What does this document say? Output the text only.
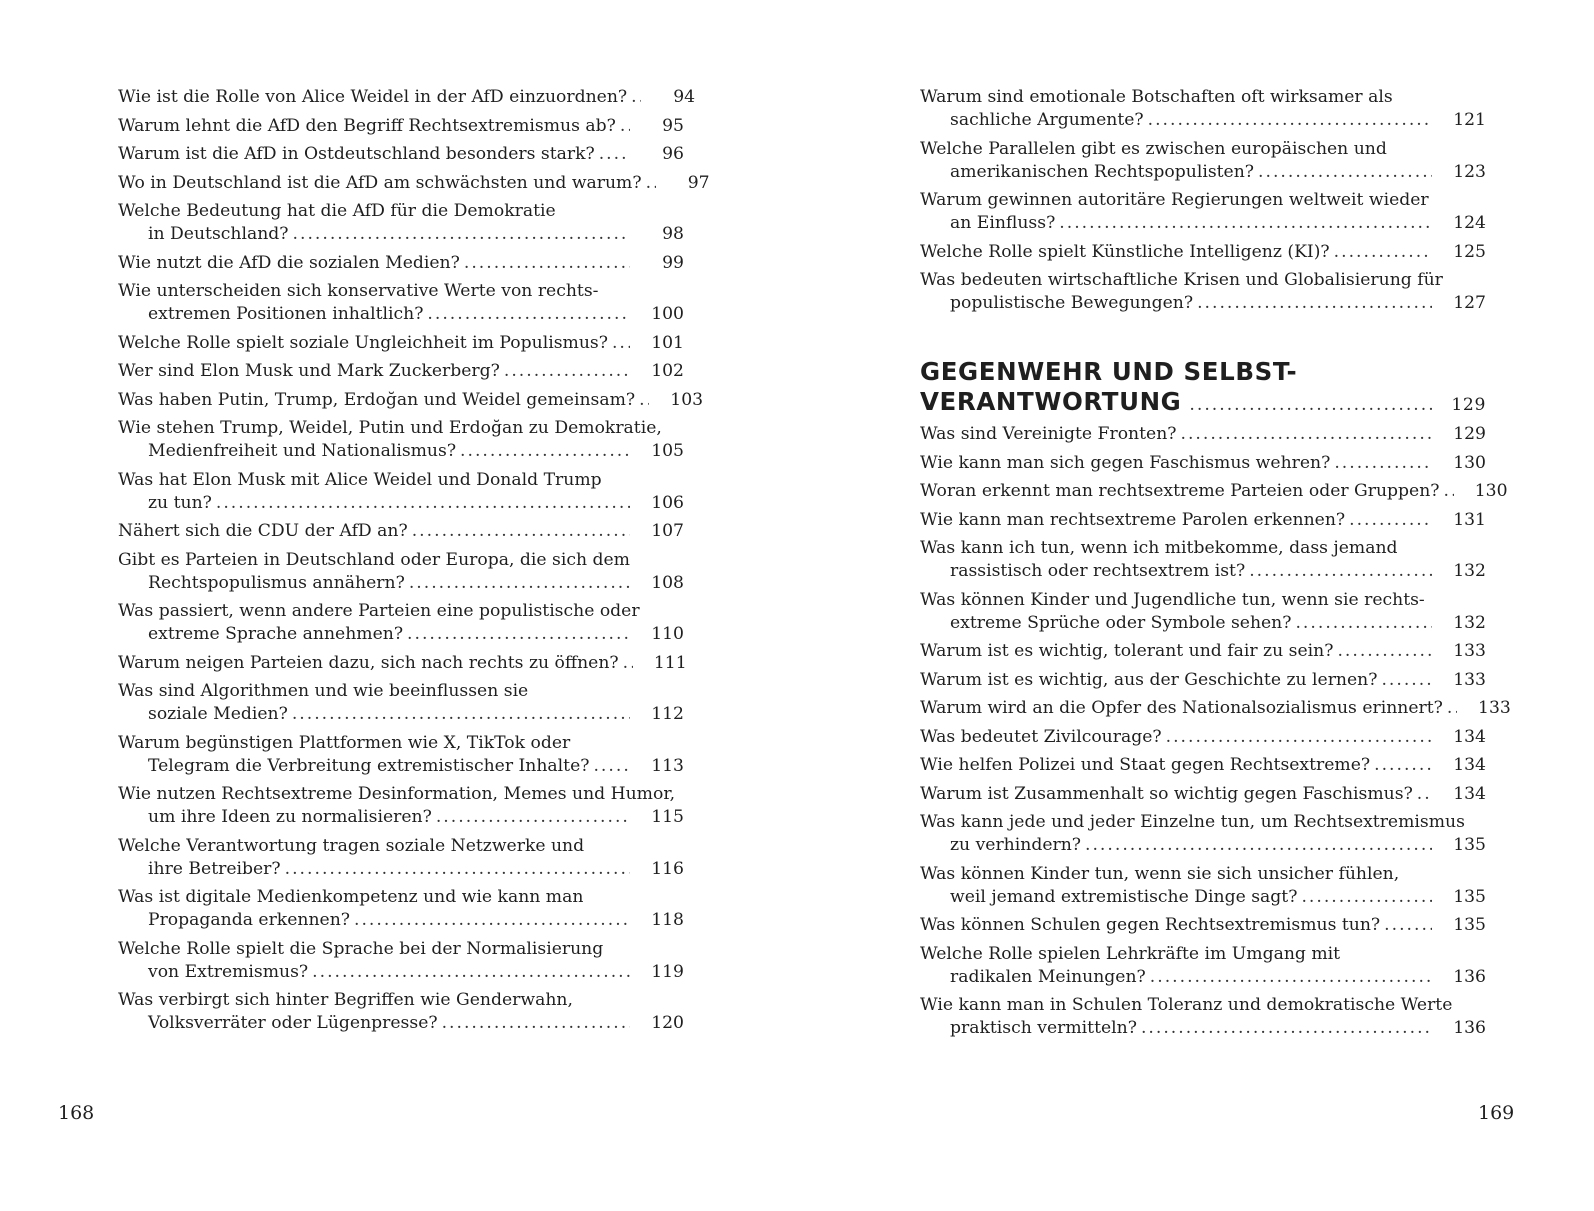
Wie ist die Rolle von Alice Weidel in der AfD einzuordnen? .....	94
Warum lehnt die AfD den Begriff Rechtsextremismus ab? .....	95
Warum ist die AfD in Ostdeutschland besonders stark? .....	96
Wo in Deutschland ist die AfD am schwächsten und warum? .....	97
Welche Bedeutung hat die AfD für die Demokratie
in Deutschland? .....	98
Wie nutzt die AfD die sozialen Medien? .....	99
Wie unterscheiden sich konservative Werte von rechts-
extremen Positionen inhaltlich? .....	100
Welche Rolle spielt soziale Ungleichheit im Populismus? .....	101
Wer sind Elon Musk und Mark Zuckerberg? .....	102
Was haben Putin, Trump, Erdoğan und Weidel gemeinsam? .....	103
Wie stehen Trump, Weidel, Putin und Erdoğan zu Demokratie,
Medienfreiheit und Nationalismus? .....	105
Was hat Elon Musk mit Alice Weidel und Donald Trump
zu tun? .....	106
Nähert sich die CDU der AfD an? .....	107
Gibt es Parteien in Deutschland oder Europa, die sich dem
Rechtspopulismus annähern? .....	108
Was passiert, wenn andere Parteien eine populistische oder
extreme Sprache annehmen? .....	110
Warum neigen Parteien dazu, sich nach rechts zu öffnen? .....	111
Was sind Algorithmen und wie beeinflussen sie
soziale Medien? .....	112
Warum begünstigen Plattformen wie X, TikTok oder
Telegram die Verbreitung extremistischer Inhalte? .....	113
Wie nutzen Rechtsextreme Desinformation, Memes und Humor,
um ihre Ideen zu normalisieren? .....	115
Welche Verantwortung tragen soziale Netzwerke und
ihre Betreiber? .....	116
Was ist digitale Medienkompetenz und wie kann man
Propaganda erkennen? .....	118
Welche Rolle spielt die Sprache bei der Normalisierung
von Extremismus? .....	119
Was verbirgt sich hinter Begriffen wie Genderwahn,
Volksverräter oder Lügenpresse? .....	120
Warum sind emotionale Botschaften oft wirksamer als
sachliche Argumente? .....	121
Welche Parallelen gibt es zwischen europäischen und
amerikanischen Rechtspopulisten? .....	123
Warum gewinnen autoritäre Regierungen weltweit wieder
an Einfluss? .....	124
Welche Rolle spielt Künstliche Intelligenz (KI)? .....	125
Was bedeuten wirtschaftliche Krisen und Globalisierung für
populistische Bewegungen? .....	127
GEGENWEHR UND SELBST-
VERANTWORTUNG .....	129
Was sind Vereinigte Fronten? .....	129
Wie kann man sich gegen Faschismus wehren? .....	130
Woran erkennt man rechtsextreme Parteien oder Gruppen? .....	130
Wie kann man rechtsextreme Parolen erkennen? .....	131
Was kann ich tun, wenn ich mitbekomme, dass jemand
rassistisch oder rechtsextrem ist? .....	132
Was können Kinder und Jugendliche tun, wenn sie rechts-
extreme Sprüche oder Symbole sehen? .....	132
Warum ist es wichtig, tolerant und fair zu sein? .....	133
Warum ist es wichtig, aus der Geschichte zu lernen? .....	133
Warum wird an die Opfer des Nationalsozialismus erinnert? .....	133
Was bedeutet Zivilcourage? .....	134
Wie helfen Polizei und Staat gegen Rechtsextreme? .....	134
Warum ist Zusammenhalt so wichtig gegen Faschismus? .....	134
Was kann jede und jeder Einzelne tun, um Rechtsextremismus
zu verhindern? .....	135
Was können Kinder tun, wenn sie sich unsicher fühlen,
weil jemand extremistische Dinge sagt? .....	135
Was können Schulen gegen Rechtsextremismus tun? .....	135
Welche Rolle spielen Lehrkräfte im Umgang mit
radikalen Meinungen? .....	136
Wie kann man in Schulen Toleranz und demokratische Werte
praktisch vermitteln? .....	136
168	169
